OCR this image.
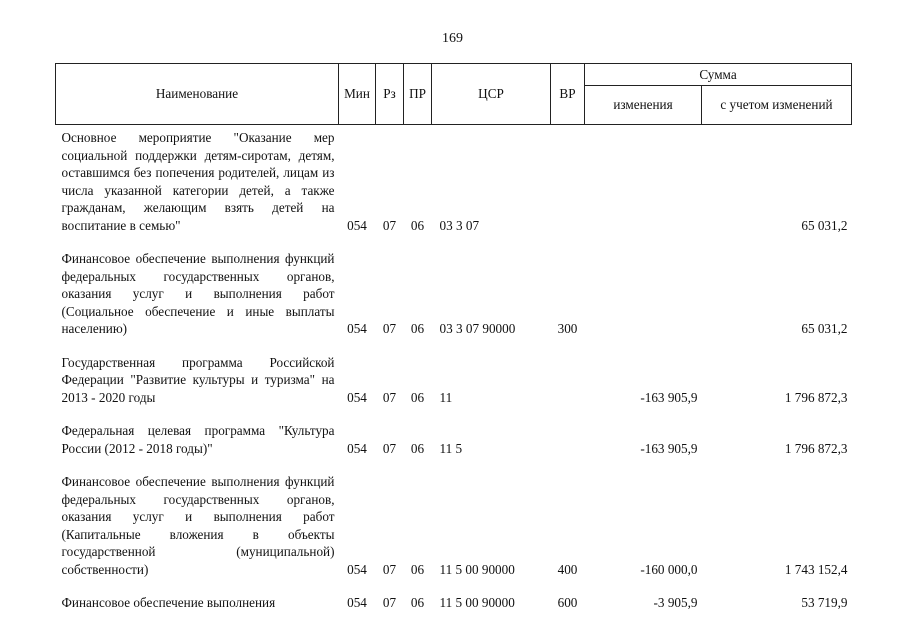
169
Наименование	Мин	Рз	ПР	ЦСР	ВР	Сумма	
						изменения	с учетом изменений
Основное мероприятие "Оказание мер социальной поддержки детям-сиротам, детям, оставшимся без попечения родителей, лицам из числа указанной категории детей, а также гражданам, желающим взять детей на воспитание в семью"	054	07	06	03 3 07			65 031,2
Финансовое обеспечение выполнения функций федеральных государственных органов, оказания услуг и выполнения работ (Социальное обеспечение и иные выплаты населению)	054	07	06	03 3 07 90000	300		65 031,2
Государственная программа Российской Федерации "Развитие культуры и туризма" на 2013 - 2020 годы	054	07	06	11		-163 905,9	1 796 872,3
Федеральная целевая программа "Культура России (2012 - 2018 годы)"	054	07	06	11 5		-163 905,9	1 796 872,3
Финансовое обеспечение выполнения функций федеральных государственных органов, оказания услуг и выполнения работ (Капитальные вложения в объекты государственной (муниципальной) собственности)	054	07	06	11 5 00 90000	400	-160 000,0	1 743 152,4
Финансовое обеспечение выполнения	054	07	06	11 5 00 90000	600	-3 905,9	53 719,9
